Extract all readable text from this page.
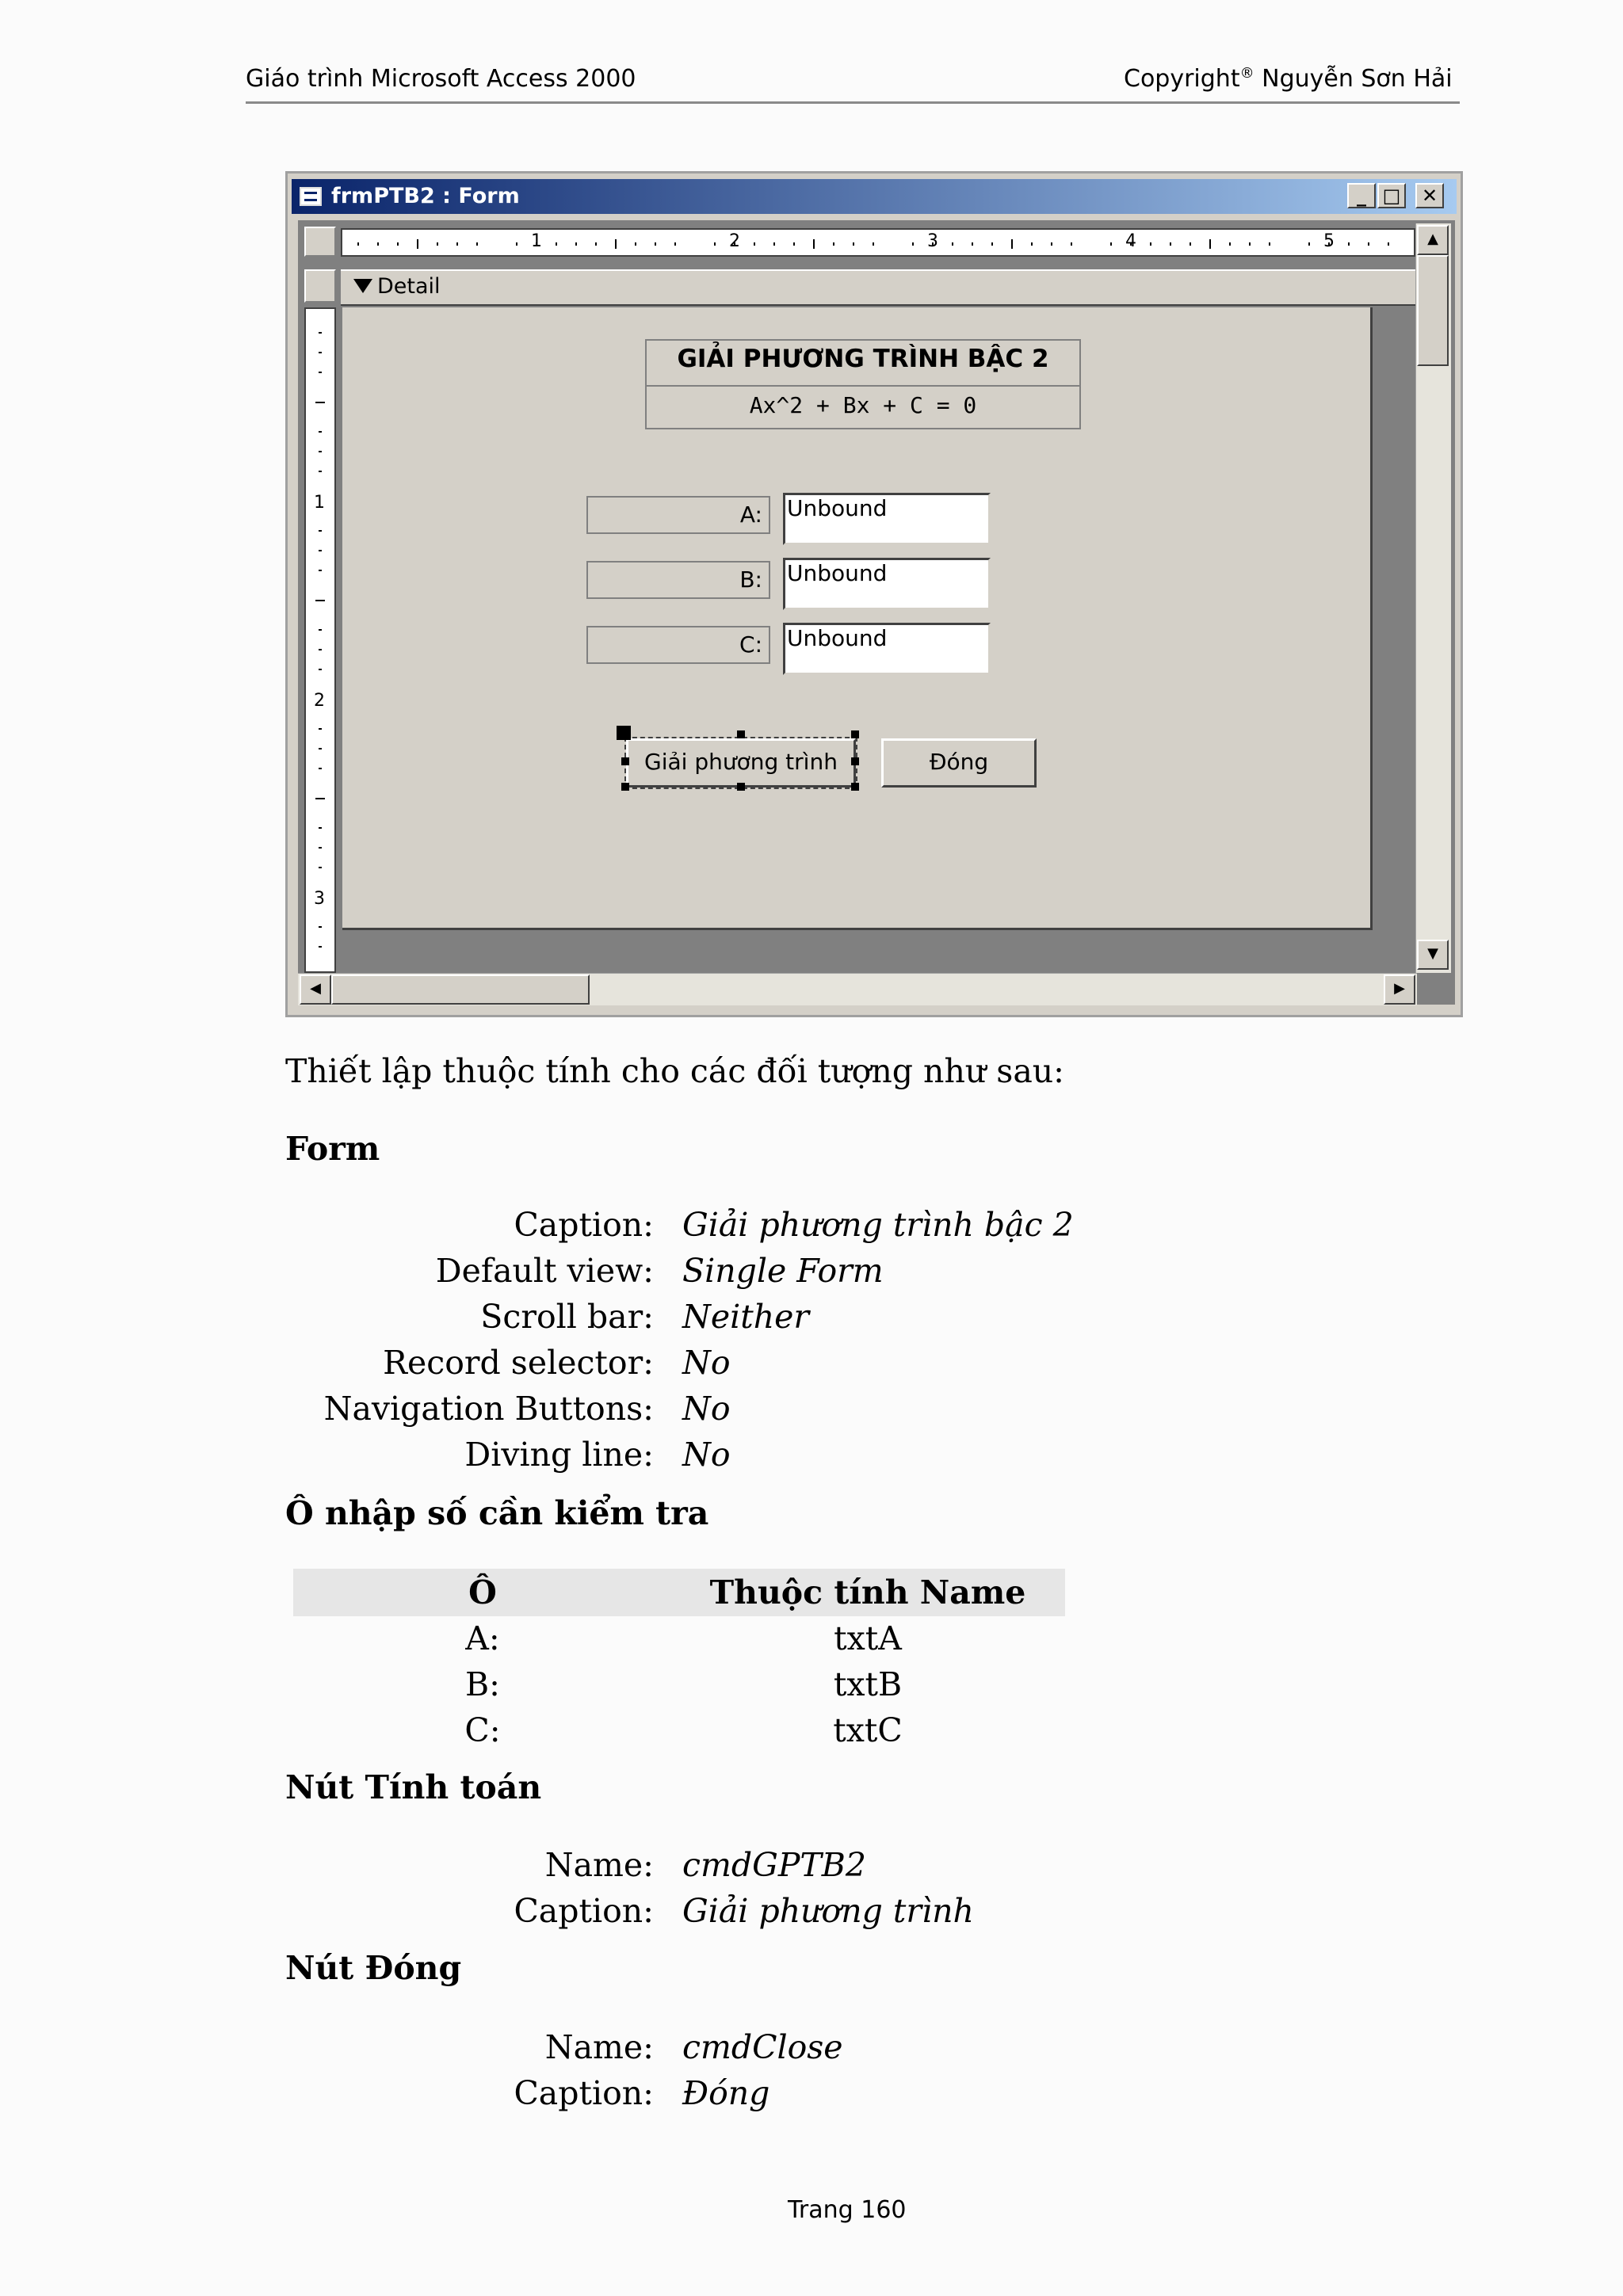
Giáo trình Microsoft Access 2000	Copyright® Nguyễn Sơn Hải
frmPTB2 : Form	_ □	✕
1	2	3	4	5
Detail
1
2
3
GIẢI PHƯƠNG TRÌNH BẬC 2
Ax^2 + Bx + C = 0
A:	Unbound
B:	Unbound
C:	Unbound
Giải phương trình	Đóng
▲
▼
◀	▶
Thiết lập thuộc tính cho các đối tượng như sau:
Form
Caption: Giải phương trình bậc 2
Default view: Single Form
Scroll bar: Neither
Record selector: No
Navigation Buttons: No
Diving line: No
Ô nhập số cần kiểm tra
Ô	Thuộc tính Name
A:	txtA
B:	txtB
C:	txtC
Nút Tính toán
Name: cmdGPTB2
Caption: Giải phương trình
Nút Đóng
Name: cmdClose
Caption: Đóng
Trang 160
